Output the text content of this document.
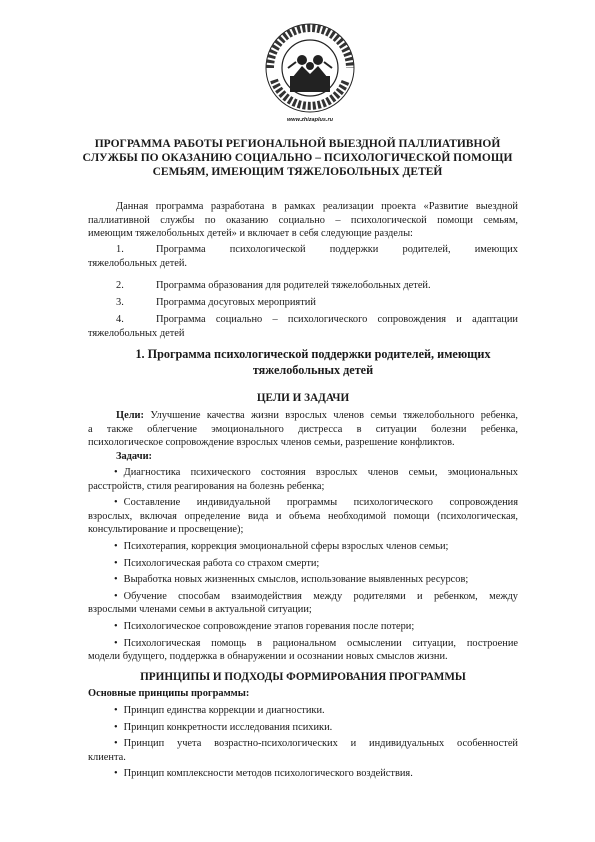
www.zhizaplus.ru
ПРОГРАММА РАБОТЫ РЕГИОНАЛЬНОЙ ВЫЕЗДНОЙ ПАЛЛИАТИВНОЙ
СЛУЖБЫ ПО ОКАЗАНИЮ СОЦИАЛЬНО – ПСИХОЛОГИЧЕСКОЙ ПОМОЩИ
СЕМЬЯМ, ИМЕЮЩИМ ТЯЖЕЛОБОЛЬНЫХ ДЕТЕЙ
Данная программа разработана в рамках реализации проекта «Развитие выездной
паллиативной службы по оказанию социально – психологической помощи семьям,
имеющим тяжелобольных детей» и включает в себя следующие разделы:
1.	Программа психологической поддержки родителей, имеющих
тяжелобольных детей.
2.	Программа образования для родителей тяжелобольных детей.
3.	Программа досуговых мероприятий
4.	Программа социально – психологического сопровождения и адаптации
тяжелобольных детей
1. Программа психологической поддержки родителей, имеющих
тяжелобольных детей
ЦЕЛИ И ЗАДАЧИ
Цели: Улучшение качества жизни взрослых членов семьи тяжелобольного ребенка,
а также облегчение эмоционального дистресса в ситуации болезни ребенка,
психологическое сопровождение взрослых членов семьи, разрешение конфликтов.
Задачи:
• Диагностика психического состояния взрослых членов семьи, эмоциональных
расстройств, стиля реагирования на болезнь ребенка;
• Составление индивидуальной программы психологического сопровождения
взрослых, включая определение вида и объема необходимой помощи (психологическая,
консультирование и просвещение);
• Психотерапия, коррекция эмоциональной сферы взрослых членов семьи;
• Психологическая работа со страхом смерти;
• Выработка новых жизненных смыслов, использование выявленных ресурсов;
• Обучение способам взаимодействия между родителями и ребенком, между
взрослыми членами семьи в актуальной ситуации;
• Психологическое сопровождение этапов горевания после потери;
• Психологическая помощь в рациональном осмыслении ситуации, построение
модели будущего, поддержка в обнаружении и осознании новых смыслов жизни.
ПРИНЦИПЫ И ПОДХОДЫ ФОРМИРОВАНИЯ ПРОГРАММЫ
Основные принципы программы:
• Принцип единства коррекции и диагностики.
• Принцип конкретности исследования психики.
• Принцип учета возрастно-психологических и индивидуальных особенностей
клиента.
• Принцип комплексности методов психологического воздействия.
